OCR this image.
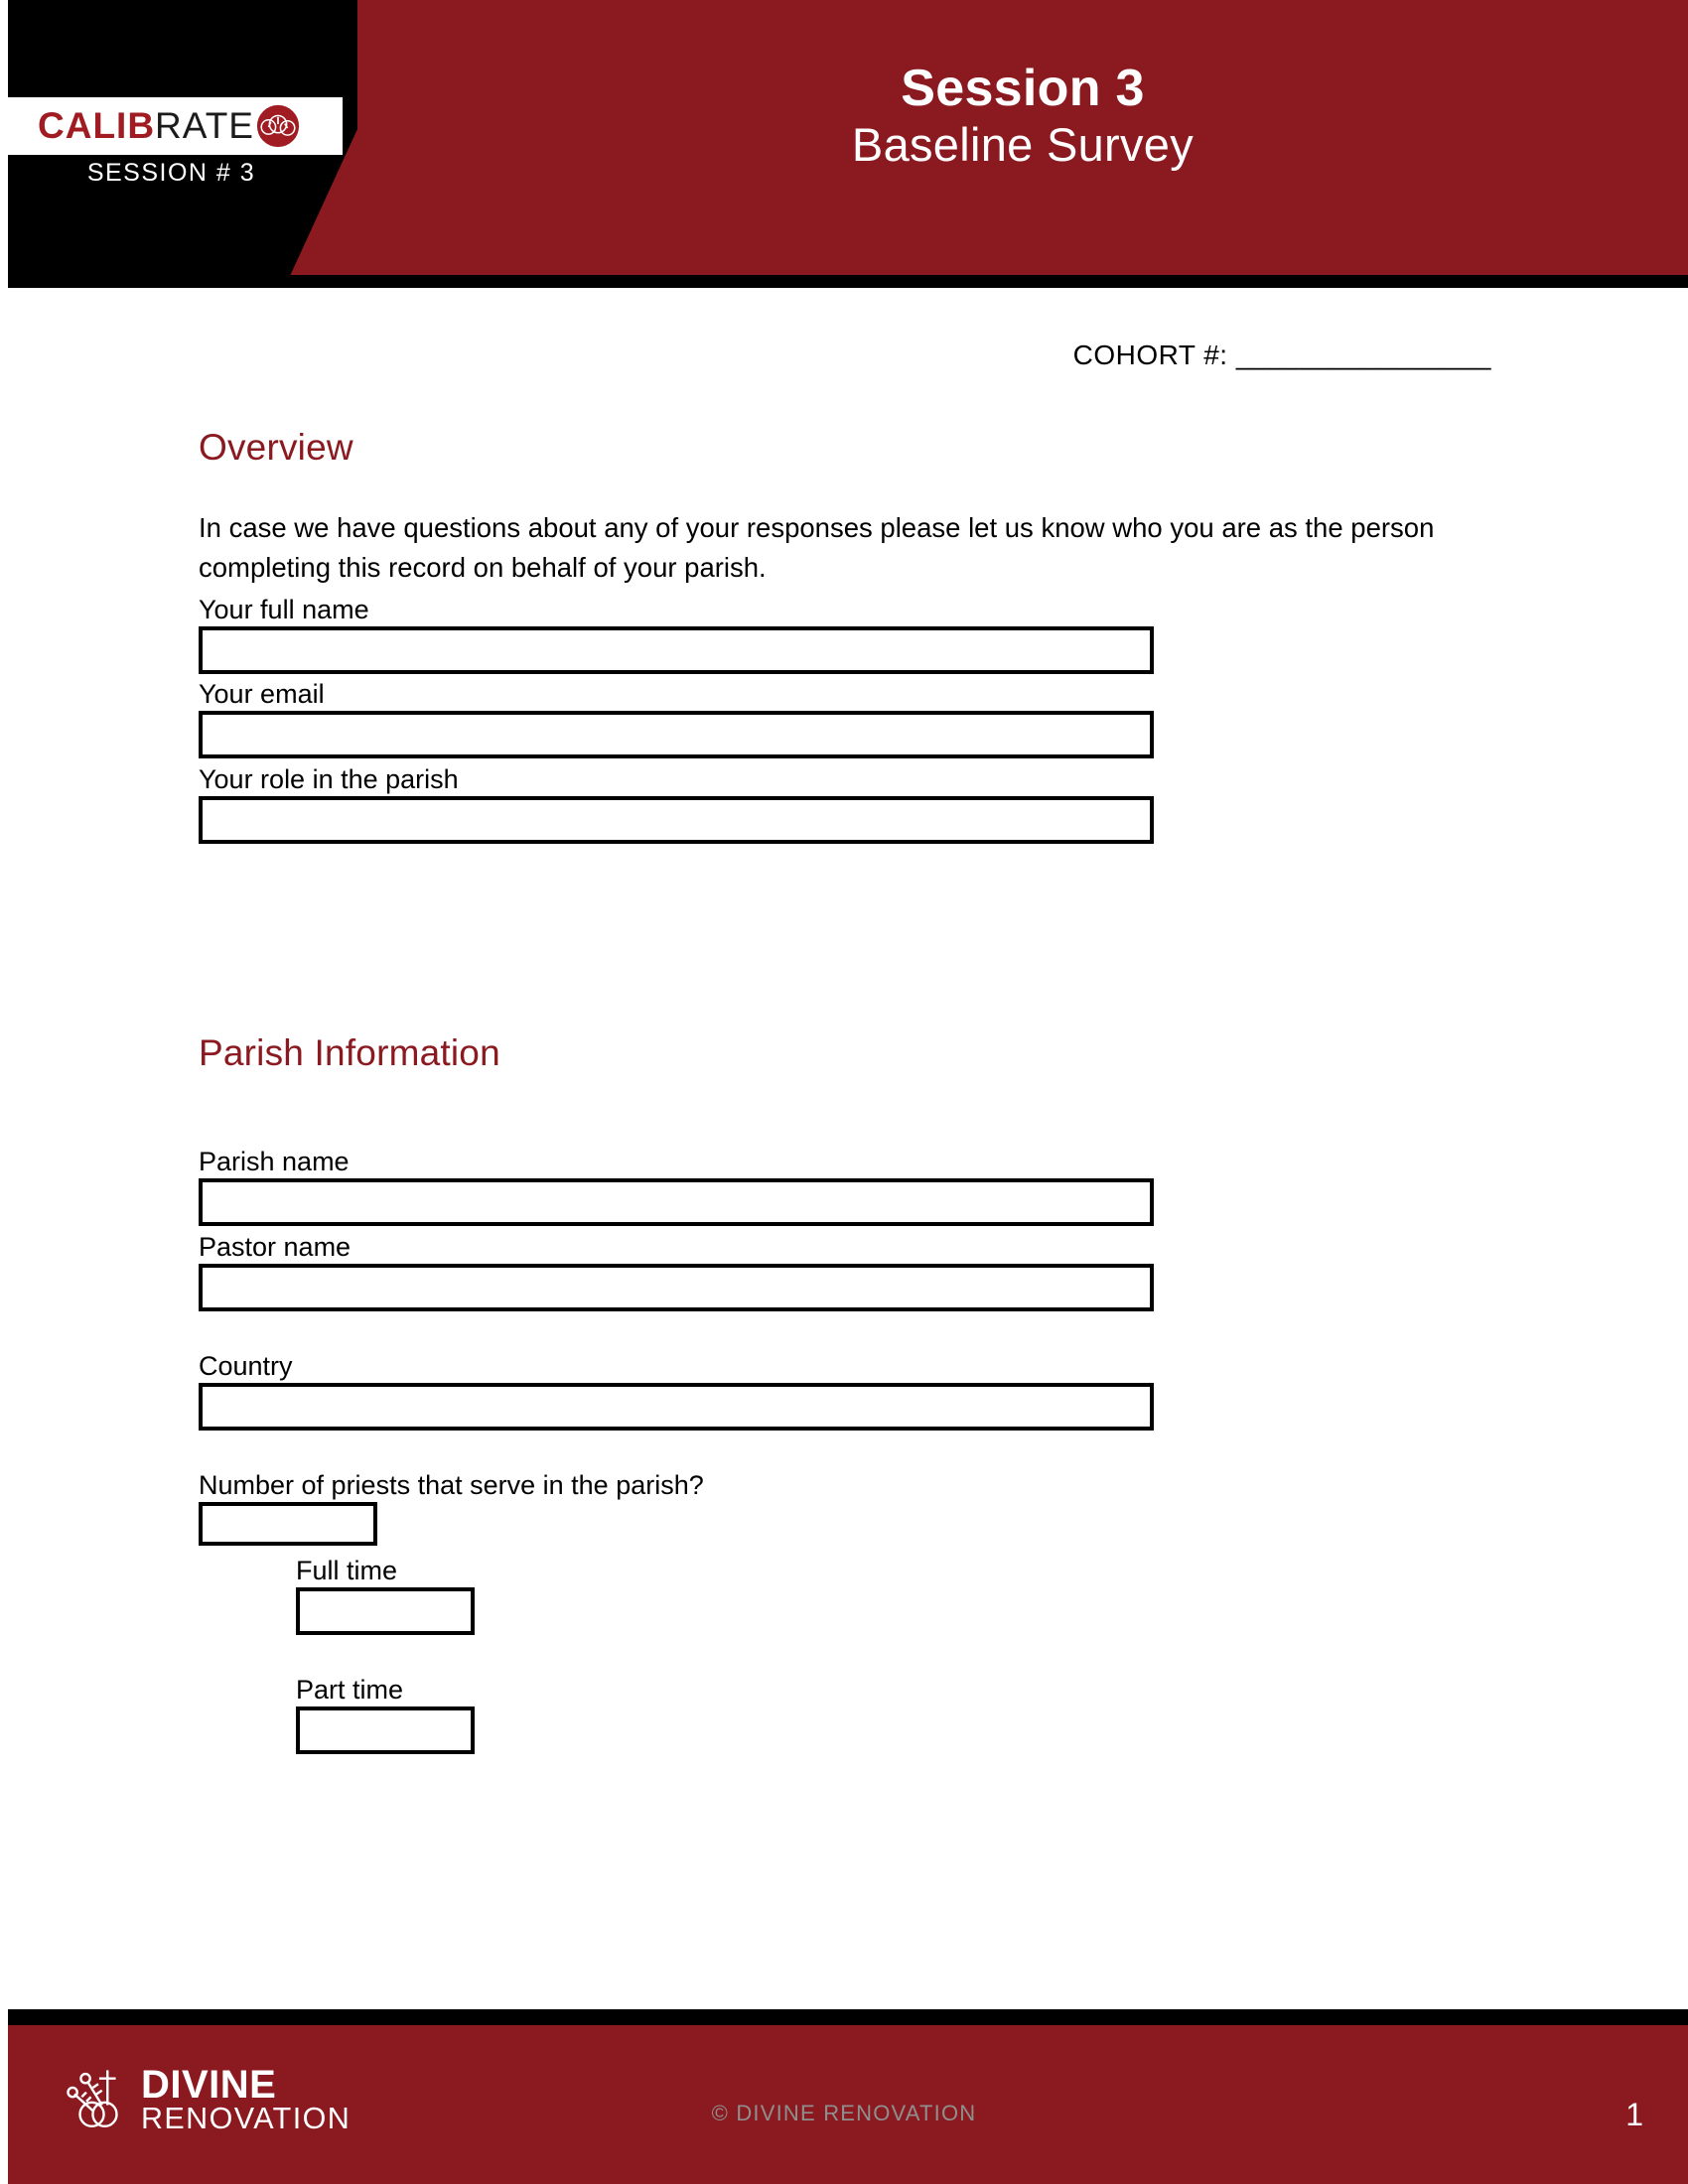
CALIB RATE
SESSION # 3
Session 3
Baseline Survey
COHORT #: ________________
Overview
In case we have questions about any of your responses please let us know who you are as the person completing this record on behalf of your parish.
Your full name
Your email
Your role in the parish
Parish Information
Parish name
Pastor name
Country
Number of priests that serve in the parish?
Full time
Part time
DIVINE
RENOVATION	© DIVINE RENOVATION	1
